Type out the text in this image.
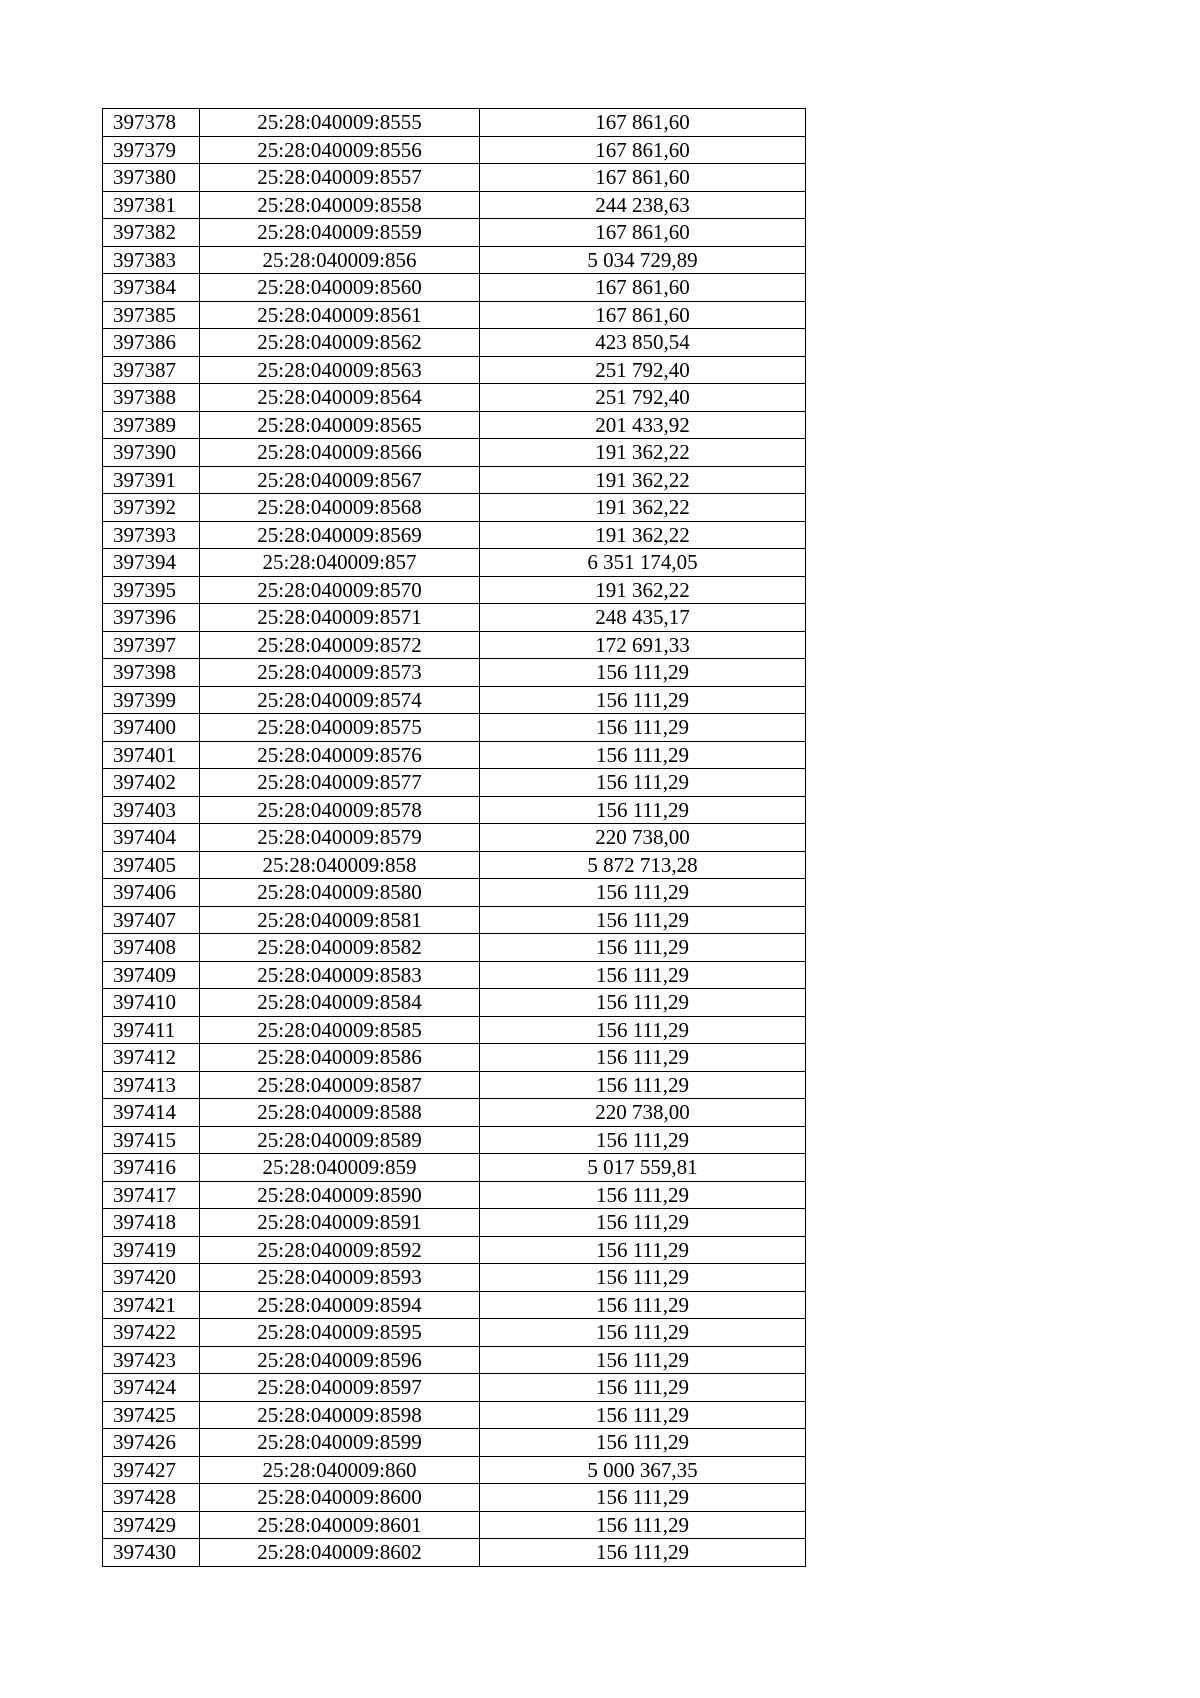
397378	25:28:040009:8555	167 861,60
397379	25:28:040009:8556	167 861,60
397380	25:28:040009:8557	167 861,60
397381	25:28:040009:8558	244 238,63
397382	25:28:040009:8559	167 861,60
397383	25:28:040009:856	5 034 729,89
397384	25:28:040009:8560	167 861,60
397385	25:28:040009:8561	167 861,60
397386	25:28:040009:8562	423 850,54
397387	25:28:040009:8563	251 792,40
397388	25:28:040009:8564	251 792,40
397389	25:28:040009:8565	201 433,92
397390	25:28:040009:8566	191 362,22
397391	25:28:040009:8567	191 362,22
397392	25:28:040009:8568	191 362,22
397393	25:28:040009:8569	191 362,22
397394	25:28:040009:857	6 351 174,05
397395	25:28:040009:8570	191 362,22
397396	25:28:040009:8571	248 435,17
397397	25:28:040009:8572	172 691,33
397398	25:28:040009:8573	156 111,29
397399	25:28:040009:8574	156 111,29
397400	25:28:040009:8575	156 111,29
397401	25:28:040009:8576	156 111,29
397402	25:28:040009:8577	156 111,29
397403	25:28:040009:8578	156 111,29
397404	25:28:040009:8579	220 738,00
397405	25:28:040009:858	5 872 713,28
397406	25:28:040009:8580	156 111,29
397407	25:28:040009:8581	156 111,29
397408	25:28:040009:8582	156 111,29
397409	25:28:040009:8583	156 111,29
397410	25:28:040009:8584	156 111,29
397411	25:28:040009:8585	156 111,29
397412	25:28:040009:8586	156 111,29
397413	25:28:040009:8587	156 111,29
397414	25:28:040009:8588	220 738,00
397415	25:28:040009:8589	156 111,29
397416	25:28:040009:859	5 017 559,81
397417	25:28:040009:8590	156 111,29
397418	25:28:040009:8591	156 111,29
397419	25:28:040009:8592	156 111,29
397420	25:28:040009:8593	156 111,29
397421	25:28:040009:8594	156 111,29
397422	25:28:040009:8595	156 111,29
397423	25:28:040009:8596	156 111,29
397424	25:28:040009:8597	156 111,29
397425	25:28:040009:8598	156 111,29
397426	25:28:040009:8599	156 111,29
397427	25:28:040009:860	5 000 367,35
397428	25:28:040009:8600	156 111,29
397429	25:28:040009:8601	156 111,29
397430	25:28:040009:8602	156 111,29
